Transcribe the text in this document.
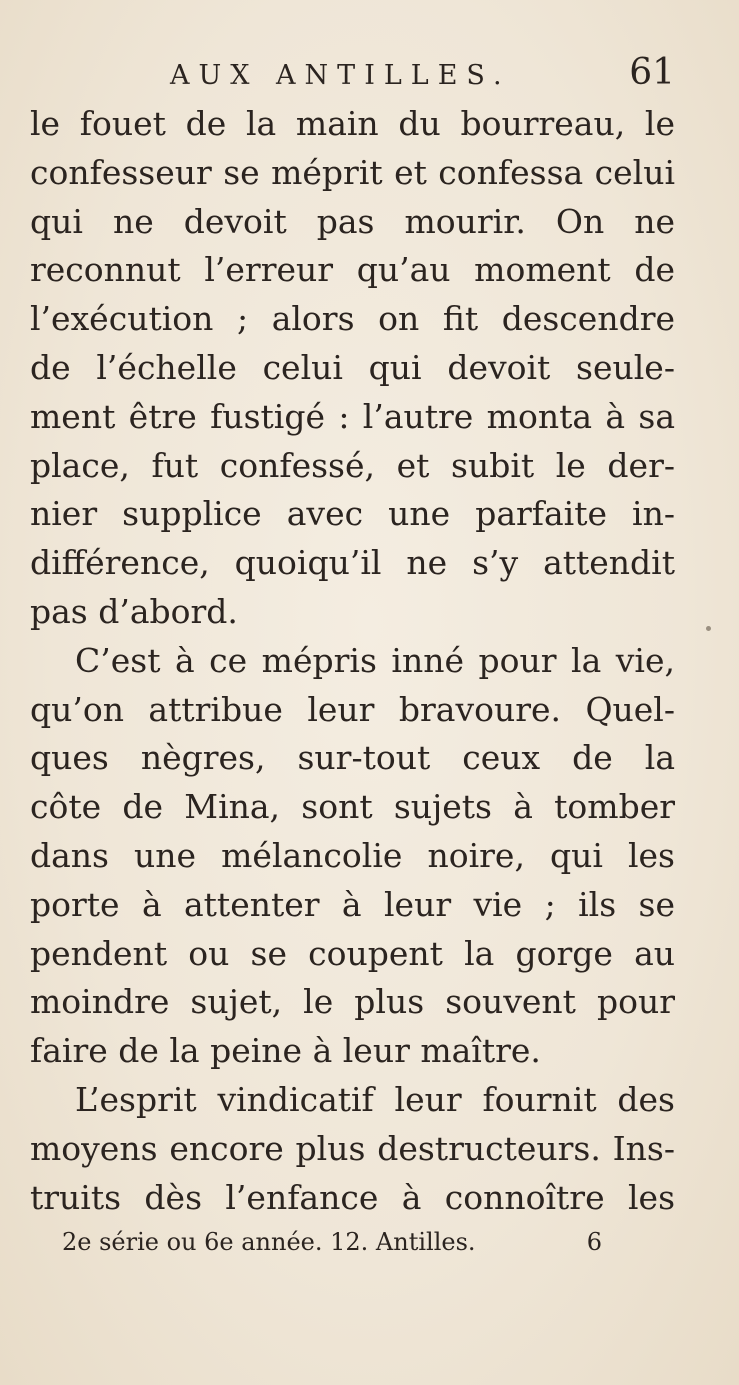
AUX ANTILLES.	61
le fouet de la main du bourreau, le
confesseur se méprit et confessa celui
qui ne devoit pas mourir. On ne
reconnut l’erreur qu’au moment de
l’exécution ; alors on fit descendre
de l’échelle celui qui devoit seule-
ment être fustigé : l’autre monta à sa
place, fut confessé, et subit le der-
nier supplice avec une parfaite in-
différence, quoiqu’il ne s’y attendit
pas d’abord.
C’est à ce mépris inné pour la vie,
qu’on attribue leur bravoure. Quel-
ques nègres, sur-tout ceux de la
côte de Mina, sont sujets à tomber
dans une mélancolie noire, qui les
porte à attenter à leur vie ; ils se
pendent ou se coupent la gorge au
moindre sujet, le plus souvent pour
faire de la peine à leur maître.
L’esprit vindicatif leur fournit des
moyens encore plus destructeurs. Ins-
truits dès l’enfance à connoître les
2e série ou 6e année. 12. Antilles.	6
